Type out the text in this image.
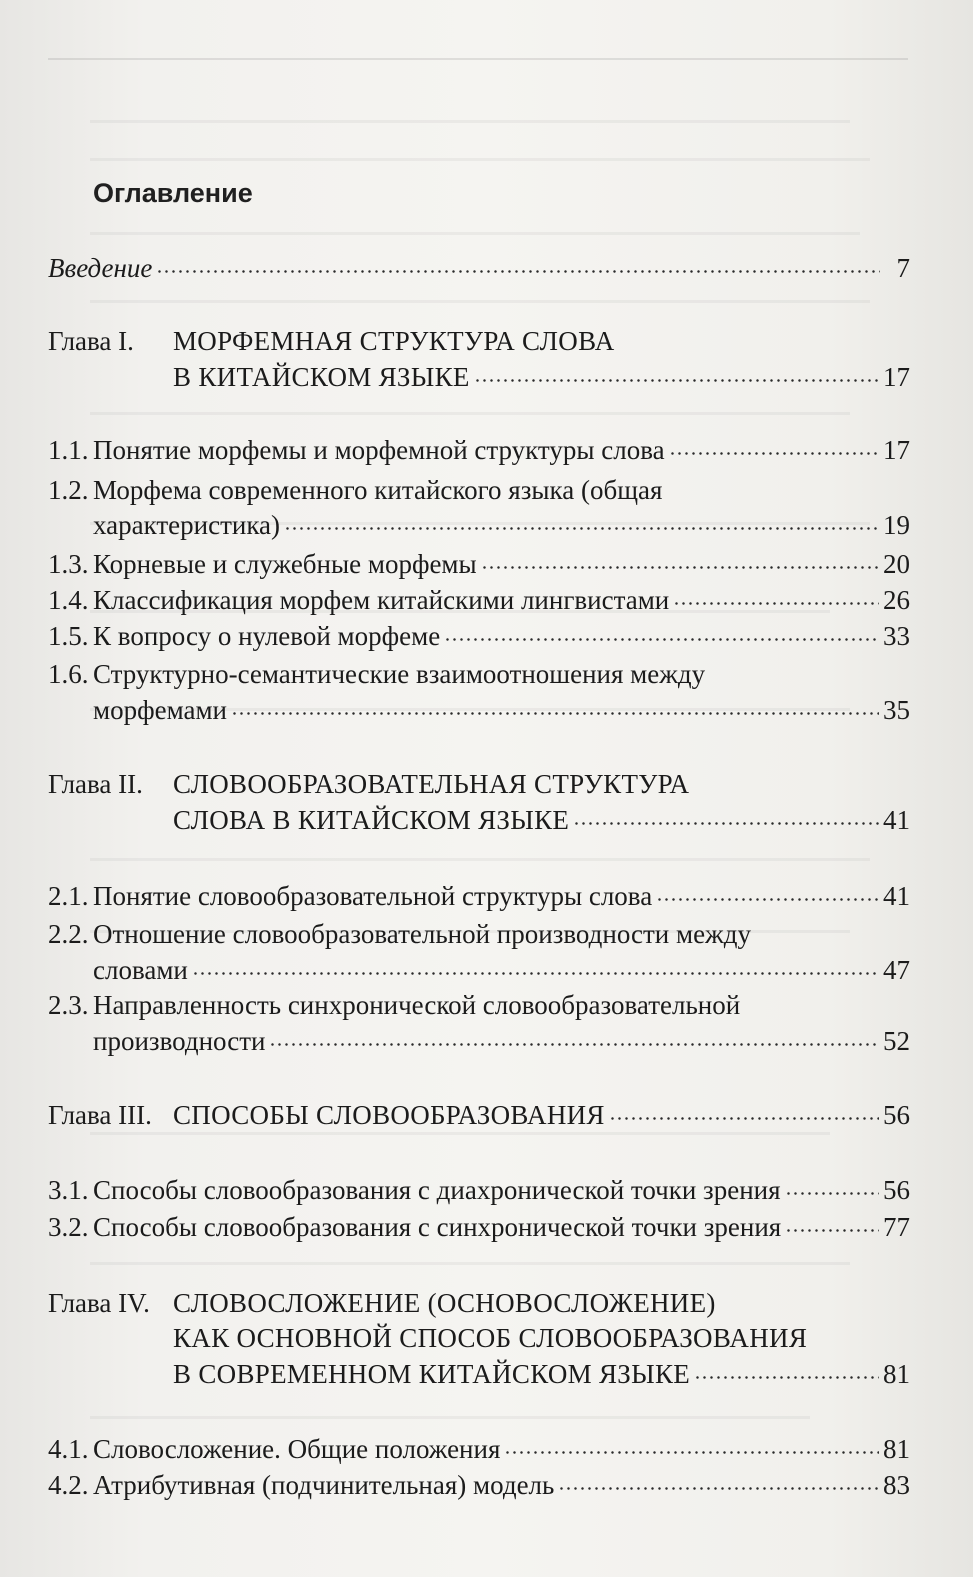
Оглавление
Введение	7
Глава I.	МОРФЕМНАЯ СТРУКТУРА СЛОВА
В КИТАЙСКОМ ЯЗЫКЕ	17
1.1. Понятие морфемы и морфемной структуры слова	17
1.2. Морфема современного китайского языка (общая
характеристика)	19
1.3. Корневые и служебные морфемы	20
1.4. Классификация морфем китайскими лингвистами	26
1.5. К вопросу о нулевой морфеме	33
1.6. Структурно-семантические взаимоотношения между
морфемами	35
Глава II.	СЛОВООБРАЗОВАТЕЛЬНАЯ СТРУКТУРА
СЛОВА В КИТАЙСКОМ ЯЗЫКЕ	41
2.1. Понятие словообразовательной структуры слова	41
2.2. Отношение словообразовательной производности между
словами	47
2.3. Направленность синхронической словообразовательной
производности	52
Глава III. СПОСОБЫ СЛОВООБРАЗОВАНИЯ	56
3.1. Способы словообразования с диахронической точки зрения	56
3.2. Способы словообразования с синхронической точки зрения	77
Глава IV. СЛОВОСЛОЖЕНИЕ (ОСНОВОСЛОЖЕНИЕ)
КАК ОСНОВНОЙ СПОСОБ СЛОВООБРАЗОВАНИЯ
В СОВРЕМЕННОМ КИТАЙСКОМ ЯЗЫКЕ	81
4.1. Словосложение. Общие положения	81
4.2. Атрибутивная (подчинительная) модель	83
